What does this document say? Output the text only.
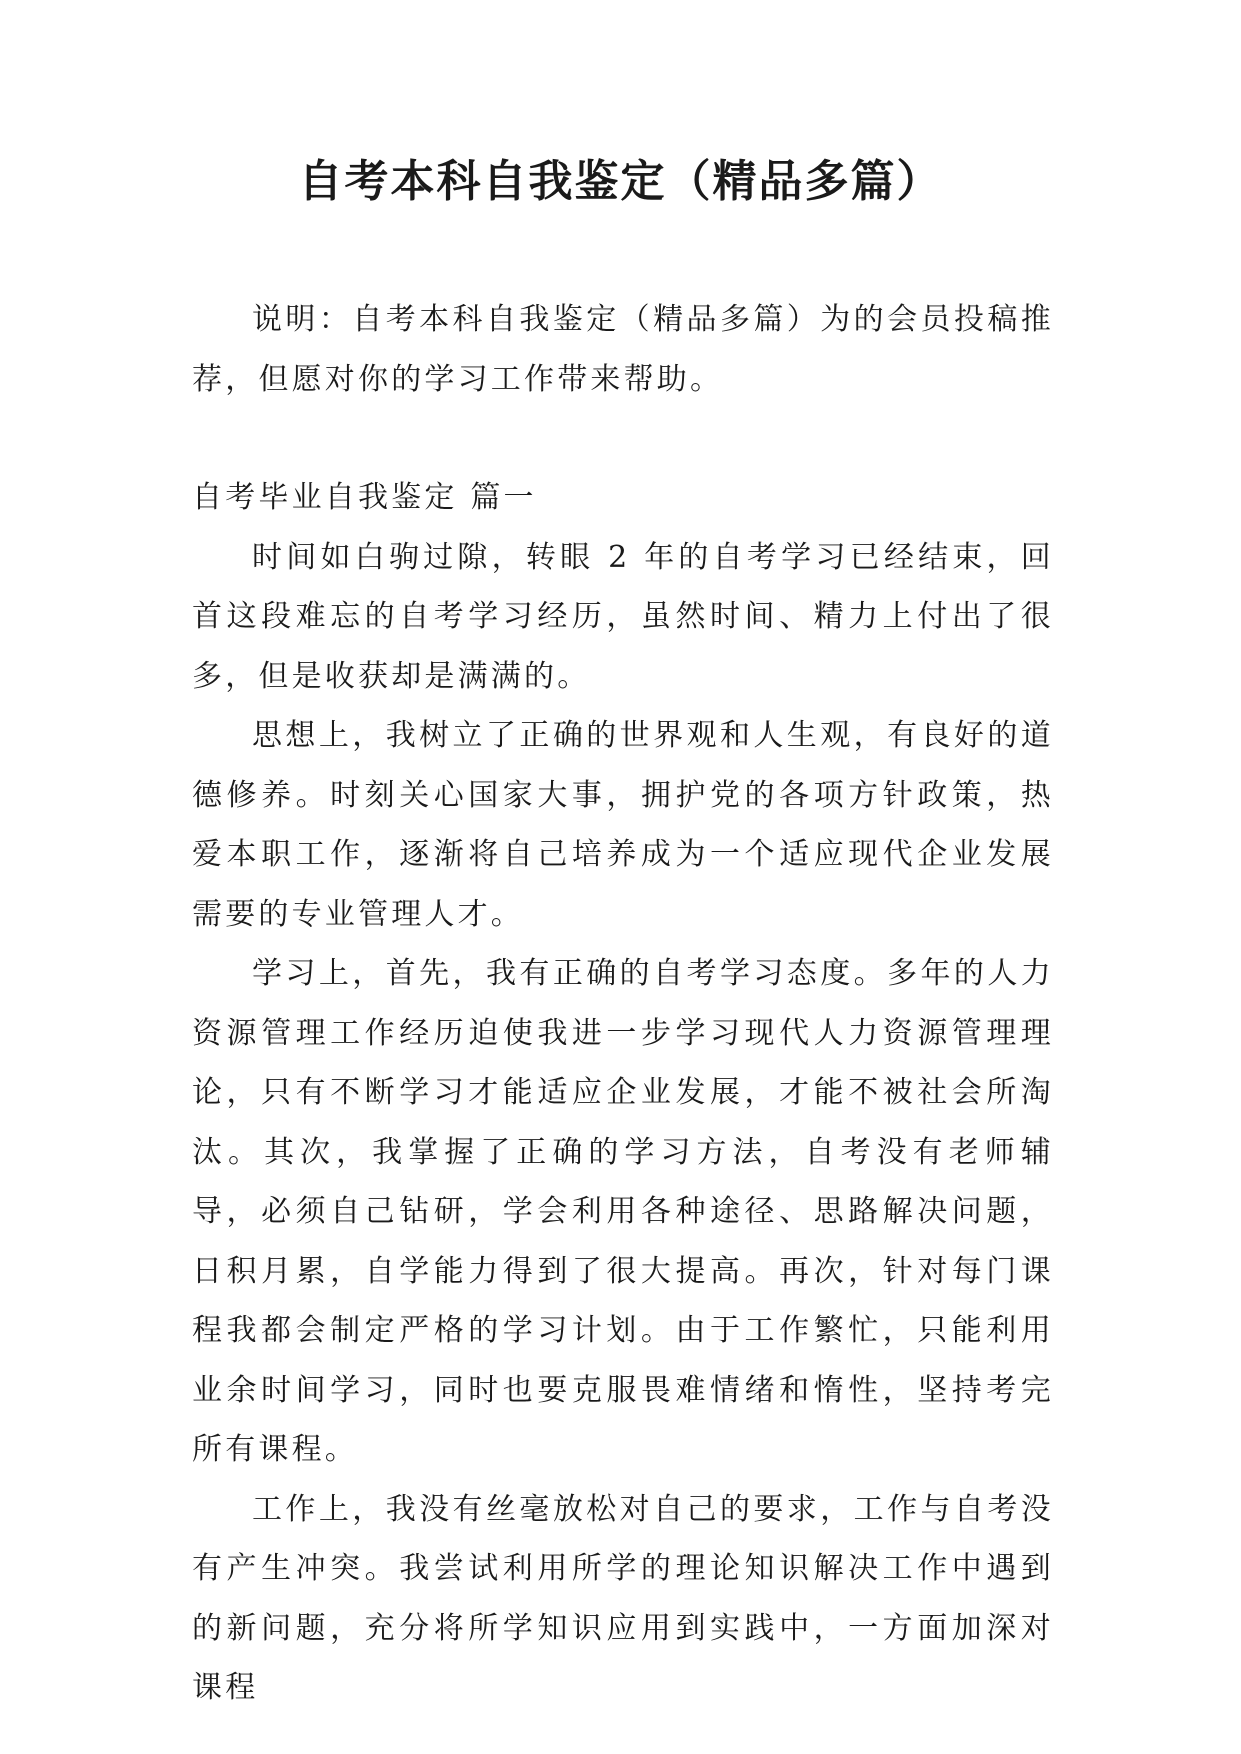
自考本科自我鉴定（精品多篇）

说明：自考本科自我鉴定（精品多篇）为的会员投稿推荐，但愿对你的学习工作带来帮助。

自考毕业自我鉴定 篇一

时间如白驹过隙，转眼 2 年的自考学习已经结束，回首这段难忘的自考学习经历，虽然时间、精力上付出了很多，但是收获却是满满的。

思想上，我树立了正确的世界观和人生观，有良好的道德修养。时刻关心国家大事，拥护党的各项方针政策，热爱本职工作，逐渐将自己培养成为一个适应现代企业发展需要的专业管理人才。

学习上，首先，我有正确的自考学习态度。多年的人力资源管理工作经历迫使我进一步学习现代人力资源管理理论，只有不断学习才能适应企业发展，才能不被社会所淘汰。其次，我掌握了正确的学习方法，自考没有老师辅导，必须自己钻研，学会利用各种途径、思路解决问题，日积月累，自学能力得到了很大提高。再次，针对每门课程我都会制定严格的学习计划。由于工作繁忙，只能利用业余时间学习，同时也要克服畏难情绪和惰性，坚持考完所有课程。

工作上，我没有丝毫放松对自己的要求，工作与自考没有产生冲突。我尝试利用所学的理论知识解决工作中遇到的新问题，充分将所学知识应用到实践中，一方面加深对课程
